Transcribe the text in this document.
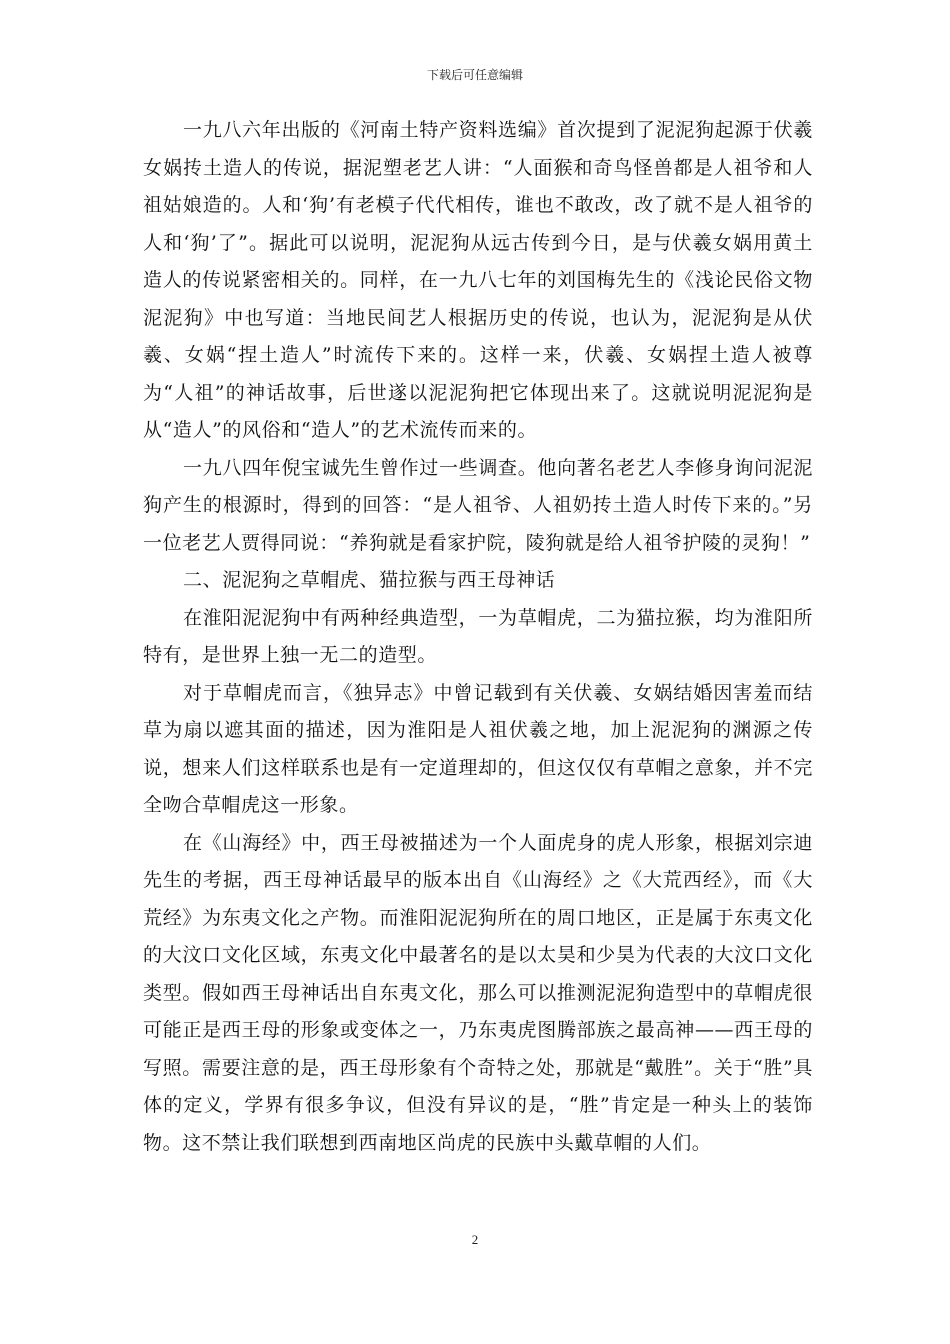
下载后可任意编辑

一九八六年出版的《河南土特产资料选编》首次提到了泥泥狗起源于伏羲女娲抟土造人的传说，据泥塑老艺人讲：“人面猴和奇鸟怪兽都是人祖爷和人祖姑娘造的。人和‘狗’有老模子代代相传，谁也不敢改，改了就不是人祖爷的人和‘狗’了”。据此可以说明，泥泥狗从远古传到今日，是与伏羲女娲用黄土造人的传说紧密相关的。同样，在一九八七年的刘国梅先生的《浅论民俗文物泥泥狗》中也写道：当地民间艺人根据历史的传说，也认为，泥泥狗是从伏羲、女娲“捏土造人”时流传下来的。这样一来，伏羲、女娲捏土造人被尊为“人祖”的神话故事，后世遂以泥泥狗把它体现出来了。这就说明泥泥狗是从“造人”的风俗和“造人”的艺术流传而来的。

一九八四年倪宝诚先生曾作过一些调查。他向著名老艺人李修身询问泥泥狗产生的根源时，得到的回答：“是人祖爷、人祖奶抟土造人时传下来的。”另一位老艺人贾得同说：“养狗就是看家护院，陵狗就是给人祖爷护陵的灵狗！”

二、泥泥狗之草帽虎、猫拉猴与西王母神话

在淮阳泥泥狗中有两种经典造型，一为草帽虎，二为猫拉猴，均为淮阳所特有，是世界上独一无二的造型。

对于草帽虎而言，《独异志》中曾记载到有关伏羲、女娲结婚因害羞而结草为扇以遮其面的描述，因为淮阳是人祖伏羲之地，加上泥泥狗的渊源之传说，想来人们这样联系也是有一定道理却的，但这仅仅有草帽之意象，并不完全吻合草帽虎这一形象。

在《山海经》中，西王母被描述为一个人面虎身的虎人形象，根据刘宗迪先生的考据，西王母神话最早的版本出自《山海经》之《大荒西经》，而《大荒经》为东夷文化之产物。而淮阳泥泥狗所在的周口地区，正是属于东夷文化的大汶口文化区域，东夷文化中最著名的是以太昊和少昊为代表的大汶口文化类型。假如西王母神话出自东夷文化，那么可以推测泥泥狗造型中的草帽虎很可能正是西王母的形象或变体之一，乃东夷虎图腾部族之最高神——西王母的写照。需要注意的是，西王母形象有个奇特之处，那就是“戴胜”。关于“胜”具体的定义，学界有很多争议，但没有异议的是，“胜”肯定是一种头上的装饰物。这不禁让我们联想到西南地区尚虎的民族中头戴草帽的人们。

2
